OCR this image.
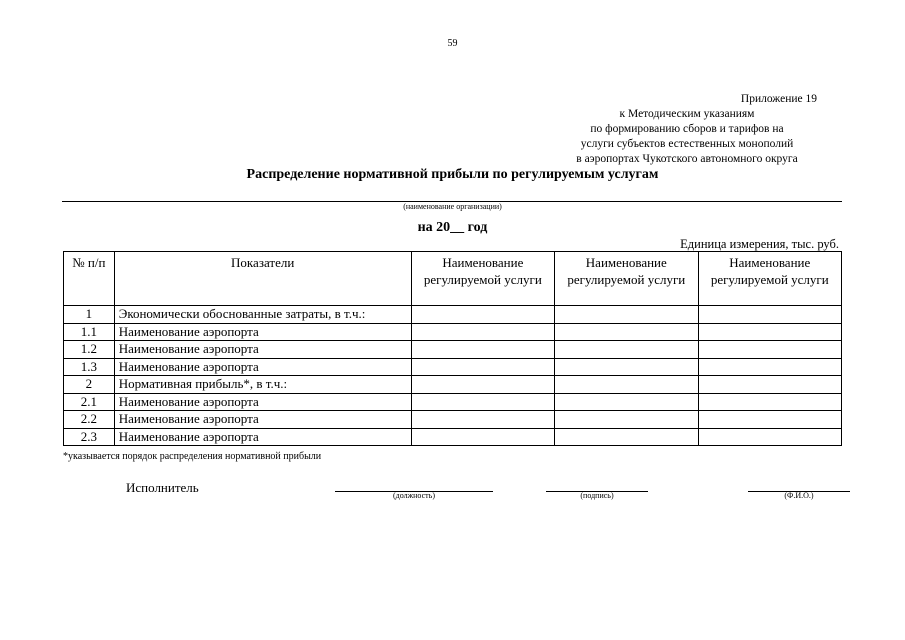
59
Приложение 19
к Методическим указаниям
по формированию сборов и тарифов на
услуги субъектов естественных монополий
в аэропортах Чукотского автономного округа
Распределение нормативной прибыли по регулируемым услугам
(наименование организации)
на 20__ год
Единица измерения, тыс. руб.
№ п/п	Показатели	Наименование регулируемой услуги	Наименование регулируемой услуги	Наименование регулируемой услуги
1	Экономически обоснованные затраты, в т.ч.:			
1.1	Наименование аэропорта			
1.2	Наименование аэропорта			
1.3	Наименование аэропорта			
2	Нормативная прибыль*, в т.ч.:			
2.1	Наименование аэропорта			
2.2	Наименование аэропорта			
2.3	Наименование аэропорта			
*указывается порядок распределения нормативной прибыли
Исполнитель
(должность)	(подпись)	(Ф.И.О.)
